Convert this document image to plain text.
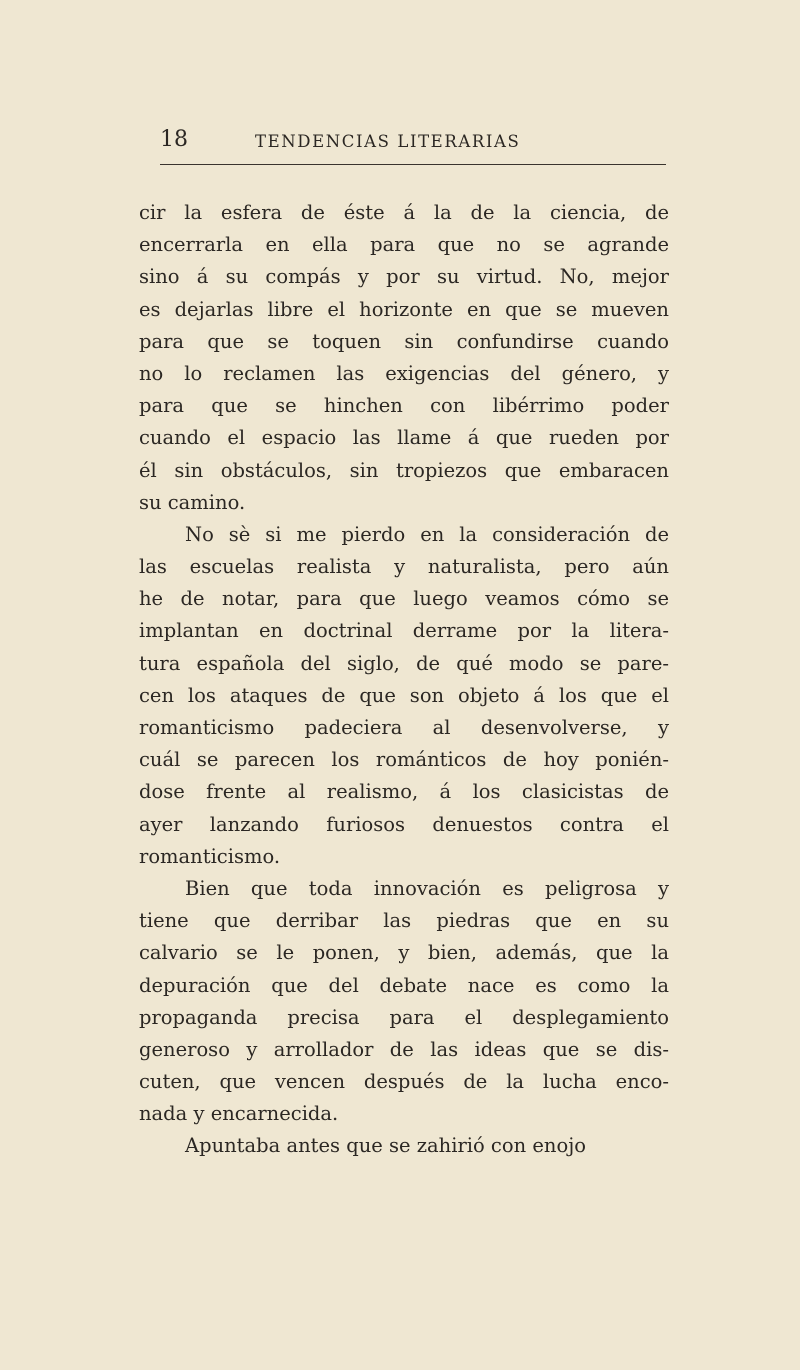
18	TENDENCIAS LITERARIAS
cir la esfera de éste á la de la ciencia, de
encerrarla en ella para que no se agrande
sino á su compás y por su virtud. No, mejor
es dejarlas libre el horizonte en que se mueven
para que se toquen sin confundirse cuando
no lo reclamen las exigencias del género, y
para que se hinchen con libérrimo poder
cuando el espacio las llame á que rueden por
él sin obstáculos, sin tropiezos que embaracen
su camino.
No sè si me pierdo en la consideración de
las escuelas realista y naturalista, pero aún
he de notar, para que luego veamos cómo se
implantan en doctrinal derrame por la litera-
tura española del siglo, de qué modo se pare-
cen los ataques de que son objeto á los que el
romanticismo padeciera al desenvolverse, y
cuál se parecen los románticos de hoy ponién-
dose frente al realismo, á los clasicistas de
ayer lanzando furiosos denuestos contra el
romanticismo.
Bien que toda innovación es peligrosa y
tiene que derribar las piedras que en su
calvario se le ponen, y bien, además, que la
depuración que del debate nace es como la
propaganda precisa para el desplegamiento
generoso y arrollador de las ideas que se dis-
cuten, que vencen después de la lucha enco-
nada y encarnecida.
Apuntaba antes que se zahirió con enojo
